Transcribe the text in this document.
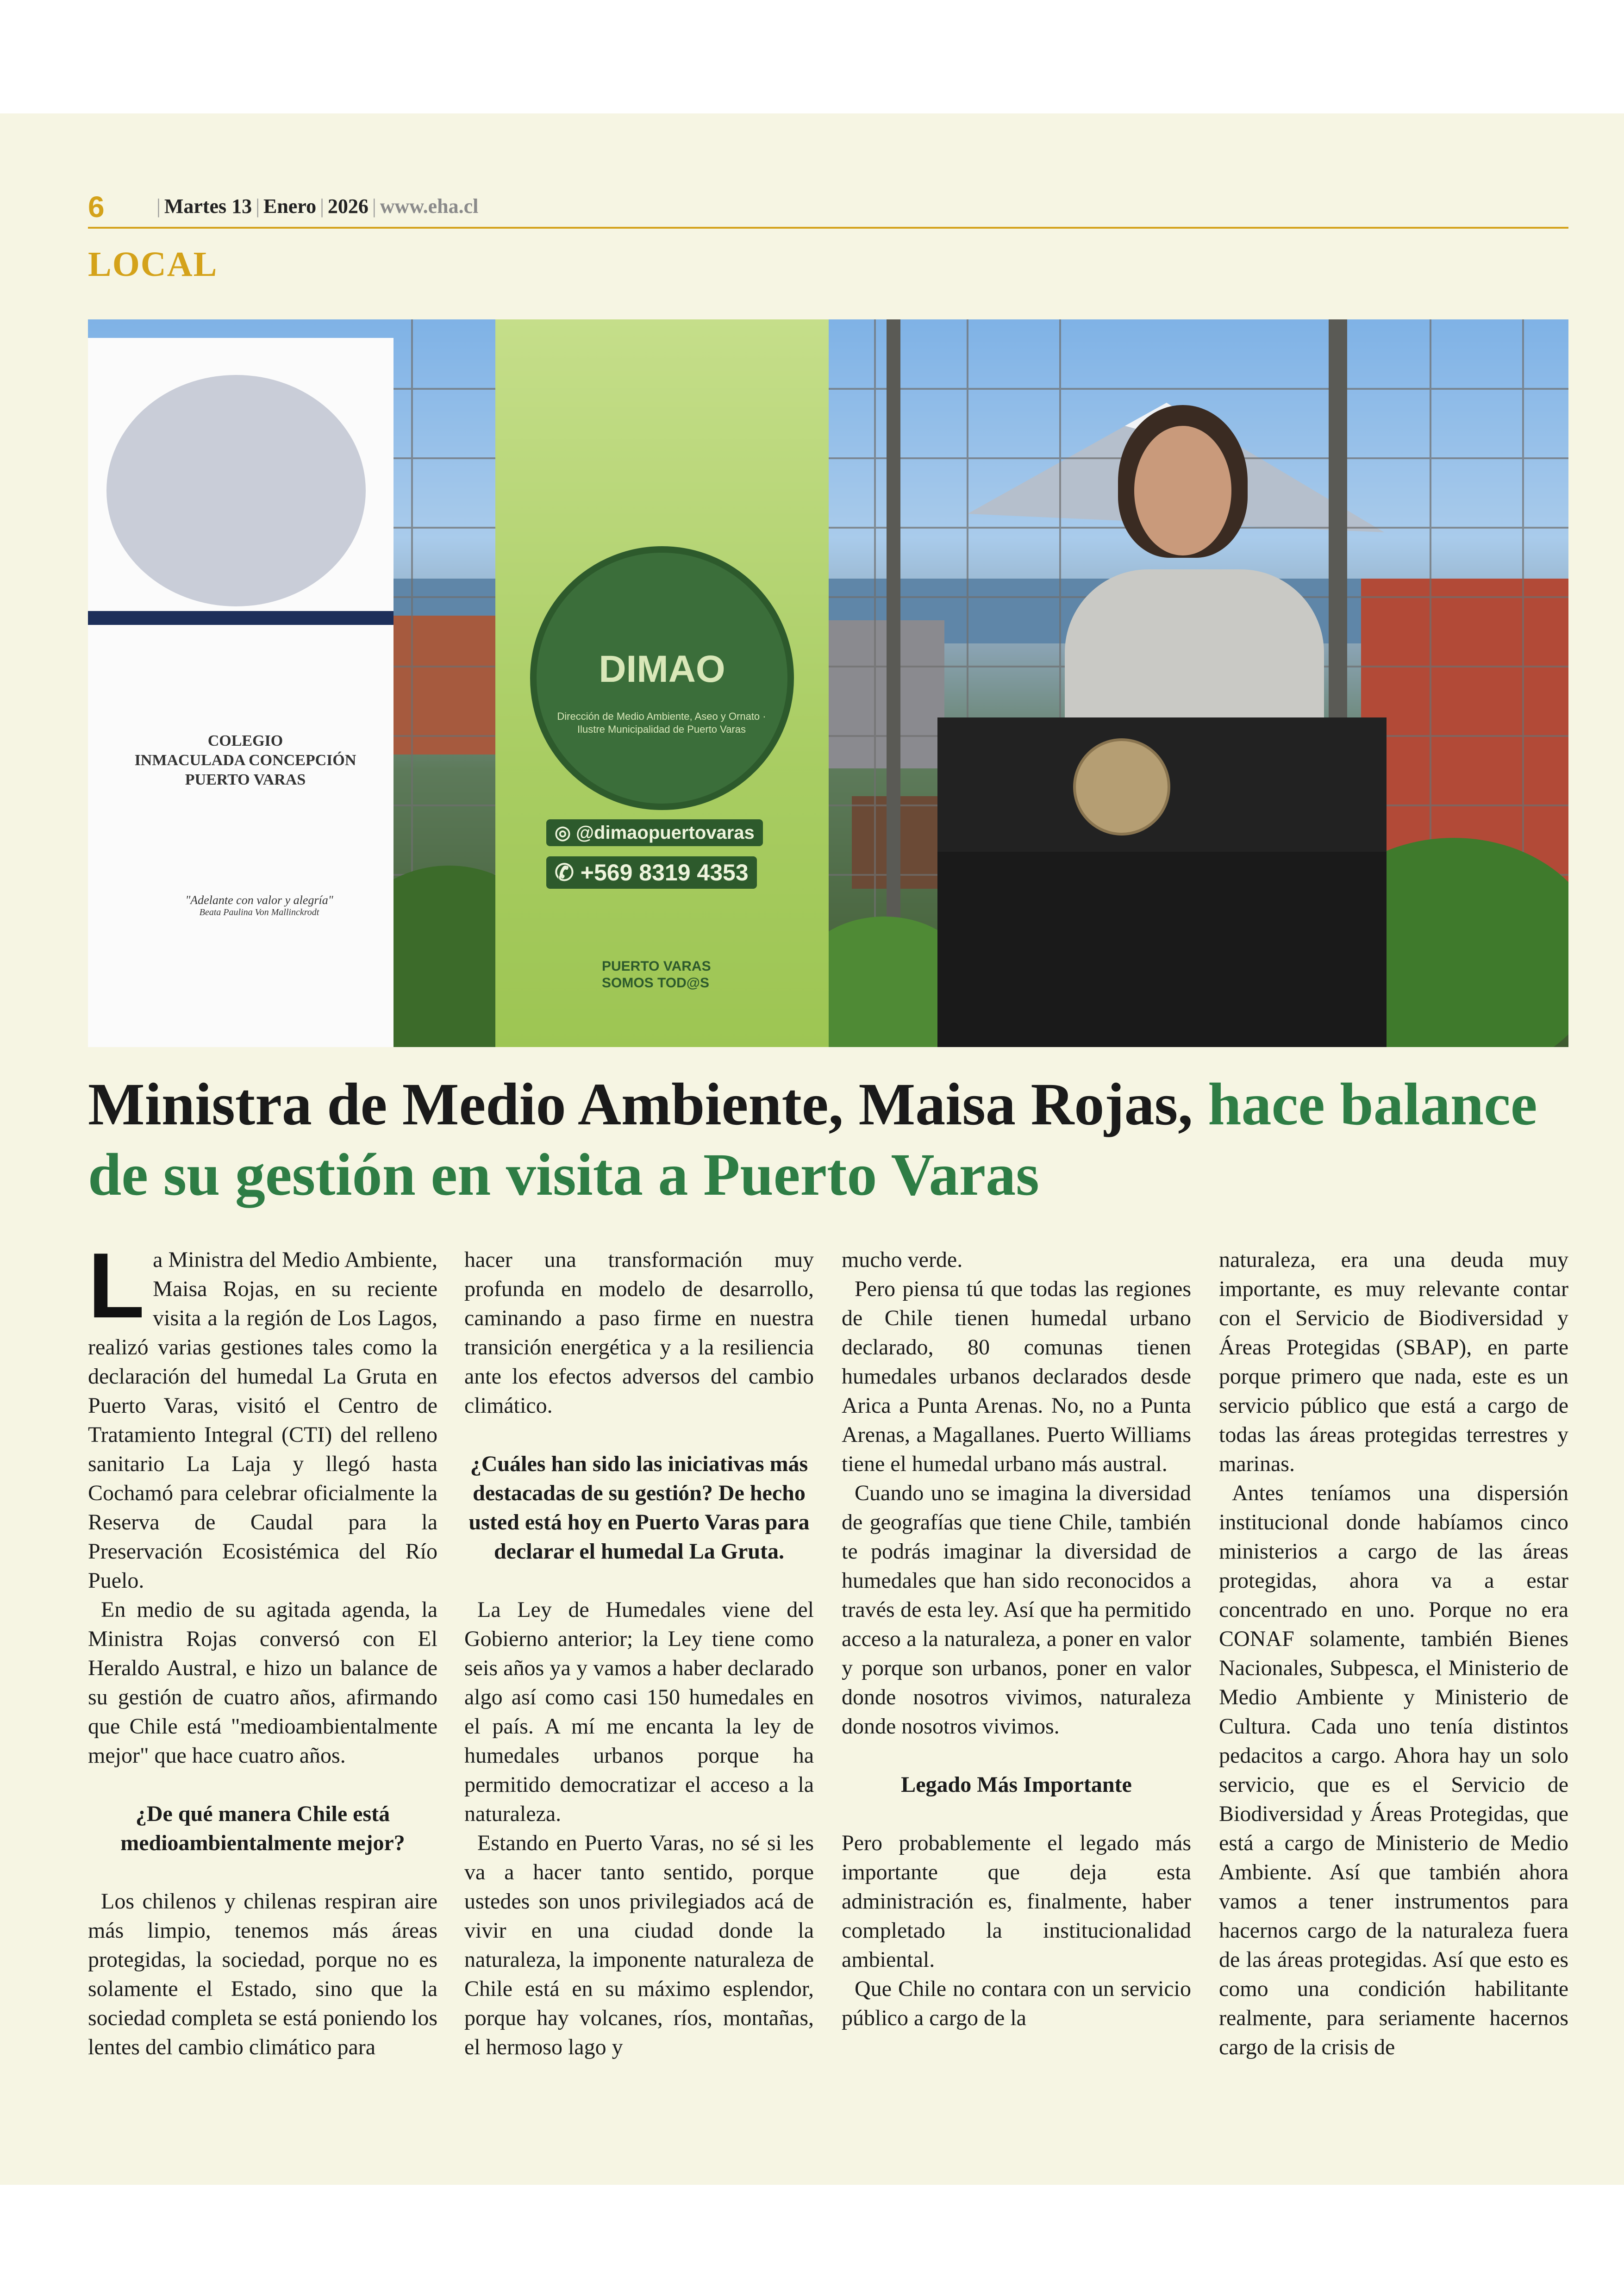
6	| Martes 13 | Enero | 2026 | www.eha.cl
LOCAL
COLEGIO
INMACULADA CONCEPCIÓN
PUERTO VARAS
"Adelante con valor y alegría"
Beata Paulina Von Mallinckrodt
DIMAO
Dirección de Medio Ambiente, Aseo y Ornato · Ilustre Municipalidad de Puerto Varas
◎ @dimaopuertovaras
✆ +569 8319 4353
PUERTO VARAS
SOMOS TOD@S
Ministra de Medio Ambiente, Maisa Rojas, hace balance de su gestión en visita a Puerto Varas

La Ministra del Medio Ambiente, Maisa Rojas, en su reciente visita a la región de Los Lagos, realizó varias gestiones tales como la declaración del humedal La Gruta en Puerto Varas, visitó el Centro de Tratamiento Integral (CTI) del relleno sanitario La Laja y llegó hasta Cochamó para celebrar oficialmente la Reserva de Caudal para la Preservación Ecosistémica del Río Puelo.

En medio de su agitada agenda, la Ministra Rojas conversó con El Heraldo Austral, e hizo un balance de su gestión de cuatro años, afirmando que Chile está "medioambientalmente mejor" que hace cuatro años.

¿De qué manera Chile está medioambientalmente mejor?

Los chilenos y chilenas respiran aire más limpio, tenemos más áreas protegidas, la sociedad, porque no es solamente el Estado, sino que la sociedad completa se está poniendo los lentes del cambio climático para

hacer una transformación muy profunda en modelo de desarrollo, caminando a paso firme en nuestra transición energética y a la resiliencia ante los efectos adversos del cambio climático.

¿Cuáles han sido las iniciativas más destacadas de su gestión? De hecho usted está hoy en Puerto Varas para declarar el humedal La Gruta.

La Ley de Humedales viene del Gobierno anterior; la Ley tiene como seis años ya y vamos a haber declarado algo así como casi 150 humedales en el país. A mí me encanta la ley de humedales urbanos porque ha permitido democratizar el acceso a la naturaleza.

Estando en Puerto Varas, no sé si les va a hacer tanto sentido, porque ustedes son unos privilegiados acá de vivir en una ciudad donde la naturaleza, la imponente naturaleza de Chile está en su máximo esplendor, porque hay volcanes, ríos, montañas, el hermoso lago y

mucho verde.

Pero piensa tú que todas las regiones de Chile tienen humedal urbano declarado, 80 comunas tienen humedales urbanos declarados desde Arica a Punta Arenas. No, no a Punta Arenas, a Magallanes. Puerto Williams tiene el humedal urbano más austral.

Cuando uno se imagina la diversidad de geografías que tiene Chile, también te podrás imaginar la diversidad de humedales que han sido reconocidos a través de esta ley. Así que ha permitido acceso a la naturaleza, a poner en valor y porque son urbanos, poner en valor donde nosotros vivimos, naturaleza donde nosotros vivimos.

Legado Más Importante

Pero probablemente el legado más importante que deja esta administración es, finalmente, haber completado la institucionalidad ambiental.

Que Chile no contara con un servicio público a cargo de la

naturaleza, era una deuda muy importante, es muy relevante contar con el Servicio de Biodiversidad y Áreas Protegidas (SBAP), en parte porque primero que nada, este es un servicio público que está a cargo de todas las áreas protegidas terrestres y marinas.

Antes teníamos una dispersión institucional donde habíamos cinco ministerios a cargo de las áreas protegidas, ahora va a estar concentrado en uno. Porque no era CONAF solamente, también Bienes Nacionales, Subpesca, el Ministerio de Medio Ambiente y Ministerio de Cultura. Cada uno tenía distintos pedacitos a cargo. Ahora hay un solo servicio, que es el Servicio de Biodiversidad y Áreas Protegidas, que está a cargo de Ministerio de Medio Ambiente. Así que también ahora vamos a tener instrumentos para hacernos cargo de la naturaleza fuera de las áreas protegidas. Así que esto es como una condición habilitante realmente, para seriamente hacernos cargo de la crisis de
